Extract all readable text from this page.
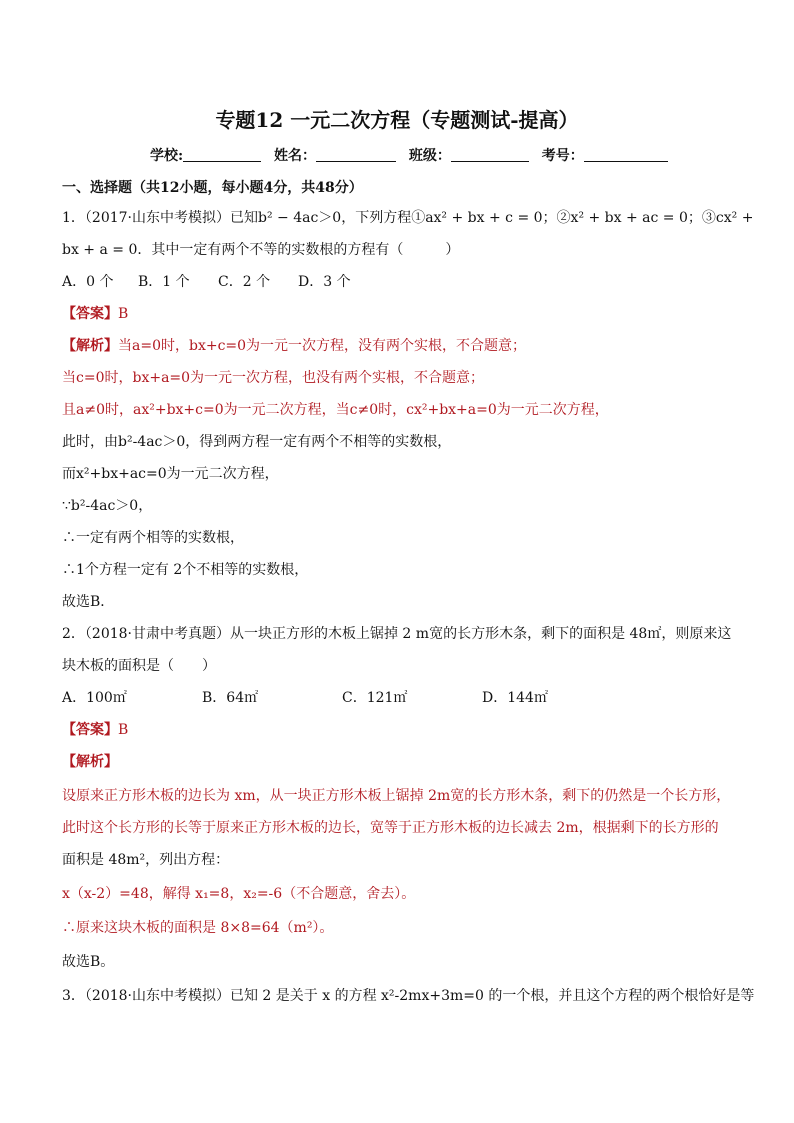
专题12 一元二次方程（专题测试-提高）
学校:	姓名：	班级：	考号：
一、选择题（共12小题，每小题4分，共48分）
1．（2017·山东中考模拟）已知b² − 4ac＞0，下列方程①ax² + bx + c = 0；②x² + bx + ac = 0；③cx² +
bx + a = 0．其中一定有两个不等的实数根的方程有（　　　）
A．0 个 B．1 个 C．2 个 D．3 个
【答案】B
【解析】当a=0时，bx+c=0为一元一次方程，没有两个实根，不合题意；
当c=0时，bx+a=0为一元一次方程，也没有两个实根，不合题意；
且a≠0时，ax²+bx+c=0为一元二次方程，当c≠0时，cx²+bx+a=0为一元二次方程，
此时，由b²-4ac＞0，得到两方程一定有两个不相等的实数根，
而x²+bx+ac=0为一元二次方程，
∵b²-4ac＞0，
∴一定有两个相等的实数根，
∴1个方程一定有 2个不相等的实数根，
故选B．
2．（2018·甘肃中考真题）从一块正方形的木板上锯掉 2 m宽的长方形木条，剩下的面积是 48㎡，则原来这
块木板的面积是（　　）
A．100㎡	B．64㎡	C．121㎡	D．144㎡
【答案】B
【解析】
设原来正方形木板的边长为 xm，从一块正方形木板上锯掉 2m宽的长方形木条，剩下的仍然是一个长方形，
此时这个长方形的长等于原来正方形木板的边长，宽等于正方形木板的边长减去 2m，根据剩下的长方形的
面积是 48m²，列出方程：
x（x-2）=48，解得 x₁=8，x₂=-6（不合题意，舍去）。
∴原来这块木板的面积是 8×8=64（m²）。
故选B。
3．（2018·山东中考模拟）已知 2 是关于 x 的方程 x²-2mx+3m=0 的一个根，并且这个方程的两个根恰好是等
